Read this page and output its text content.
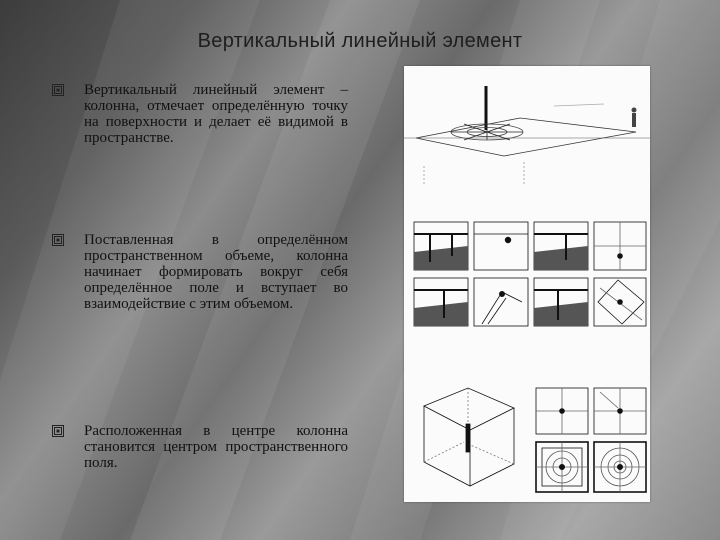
Вертикальный линейный элемент
Вертикальный линейный элемент – колонна, отмечает определённую точку на поверхности и делает её видимой в пространстве.
Поставленная в определённом пространственном объеме, колонна начинает формировать вокруг себя определённое поле и вступает во взаимодействие с этим объемом.
Расположенная в центре колонна становится центром пространственного поля.
